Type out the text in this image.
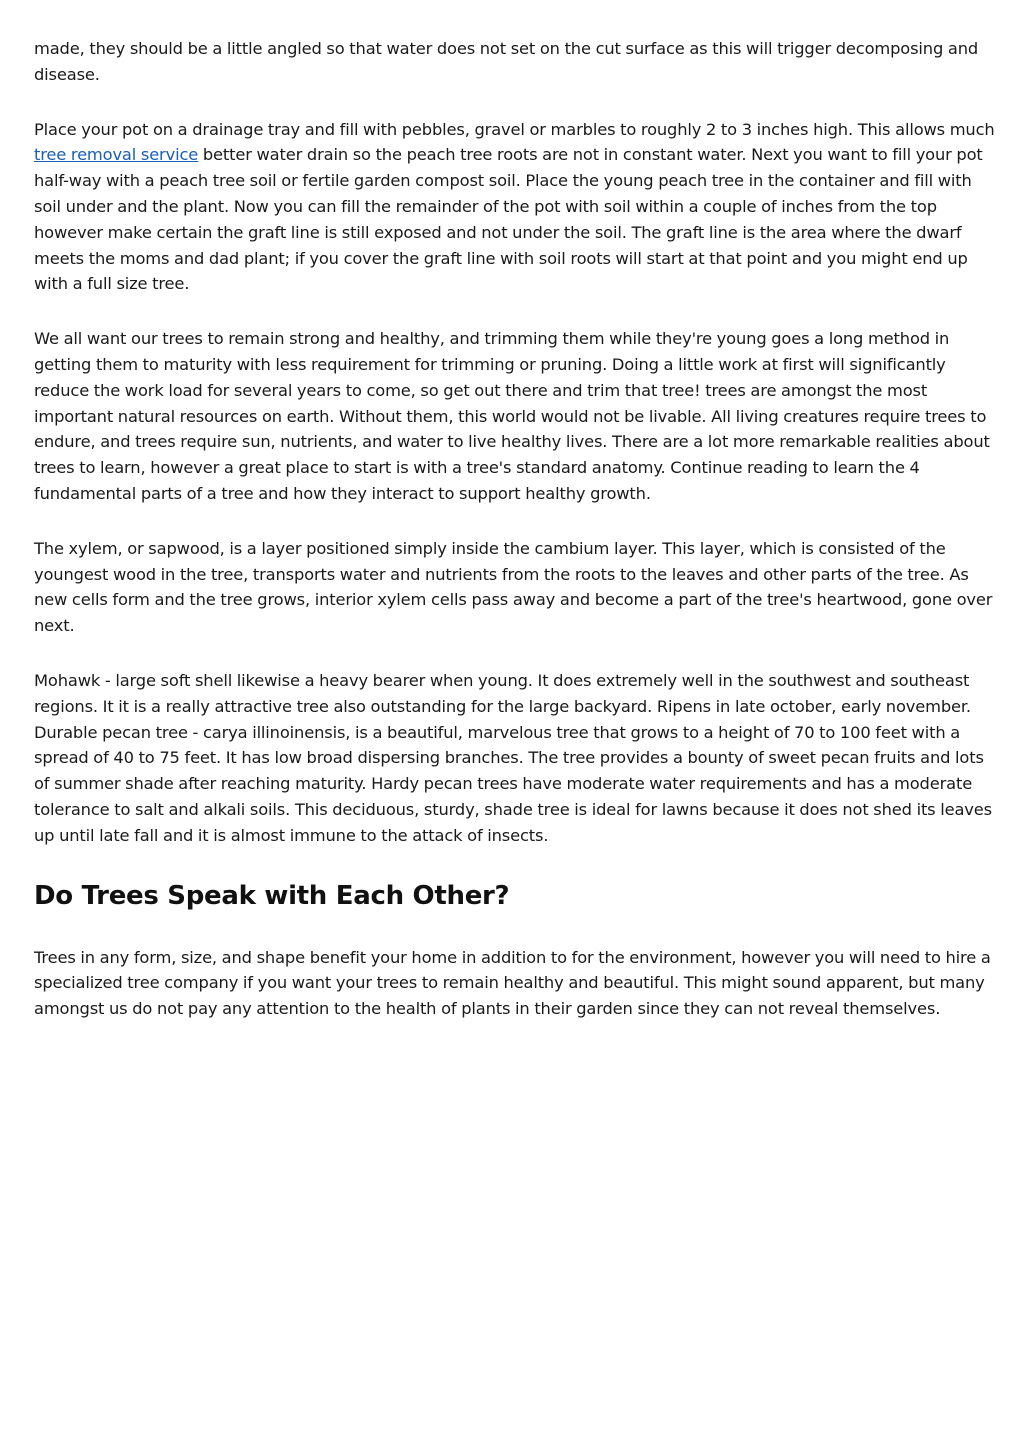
made, they should be a little angled so that water does not set on the cut surface as this will trigger decomposing and disease.

Place your pot on a drainage tray and fill with pebbles, gravel or marbles to roughly 2 to 3 inches high. This allows much tree removal service better water drain so the peach tree roots are not in constant water. Next you want to fill your pot half-way with a peach tree soil or fertile garden compost soil. Place the young peach tree in the container and fill with soil under and the plant. Now you can fill the remainder of the pot with soil within a couple of inches from the top however make certain the graft line is still exposed and not under the soil. The graft line is the area where the dwarf meets the moms and dad plant; if you cover the graft line with soil roots will start at that point and you might end up with a full size tree.

We all want our trees to remain strong and healthy, and trimming them while they're young goes a long method in getting them to maturity with less requirement for trimming or pruning. Doing a little work at first will significantly reduce the work load for several years to come, so get out there and trim that tree! trees are amongst the most important natural resources on earth. Without them, this world would not be livable. All living creatures require trees to endure, and trees require sun, nutrients, and water to live healthy lives. There are a lot more remarkable realities about trees to learn, however a great place to start is with a tree's standard anatomy. Continue reading to learn the 4 fundamental parts of a tree and how they interact to support healthy growth.

The xylem, or sapwood, is a layer positioned simply inside the cambium layer. This layer, which is consisted of the youngest wood in the tree, transports water and nutrients from the roots to the leaves and other parts of the tree. As new cells form and the tree grows, interior xylem cells pass away and become a part of the tree's heartwood, gone over next.

Mohawk - large soft shell likewise a heavy bearer when young. It does extremely well in the southwest and southeast regions. It it is a really attractive tree also outstanding for the large backyard. Ripens in late october, early november. Durable pecan tree - carya illinoinensis, is a beautiful, marvelous tree that grows to a height of 70 to 100 feet with a spread of 40 to 75 feet. It has low broad dispersing branches. The tree provides a bounty of sweet pecan fruits and lots of summer shade after reaching maturity. Hardy pecan trees have moderate water requirements and has a moderate tolerance to salt and alkali soils. This deciduous, sturdy, shade tree is ideal for lawns because it does not shed its leaves up until late fall and it is almost immune to the attack of insects.

Do Trees Speak with Each Other?

Trees in any form, size, and shape benefit your home in addition to for the environment, however you will need to hire a specialized tree company if you want your trees to remain healthy and beautiful. This might sound apparent, but many amongst us do not pay any attention to the health of plants in their garden since they can not reveal themselves.
